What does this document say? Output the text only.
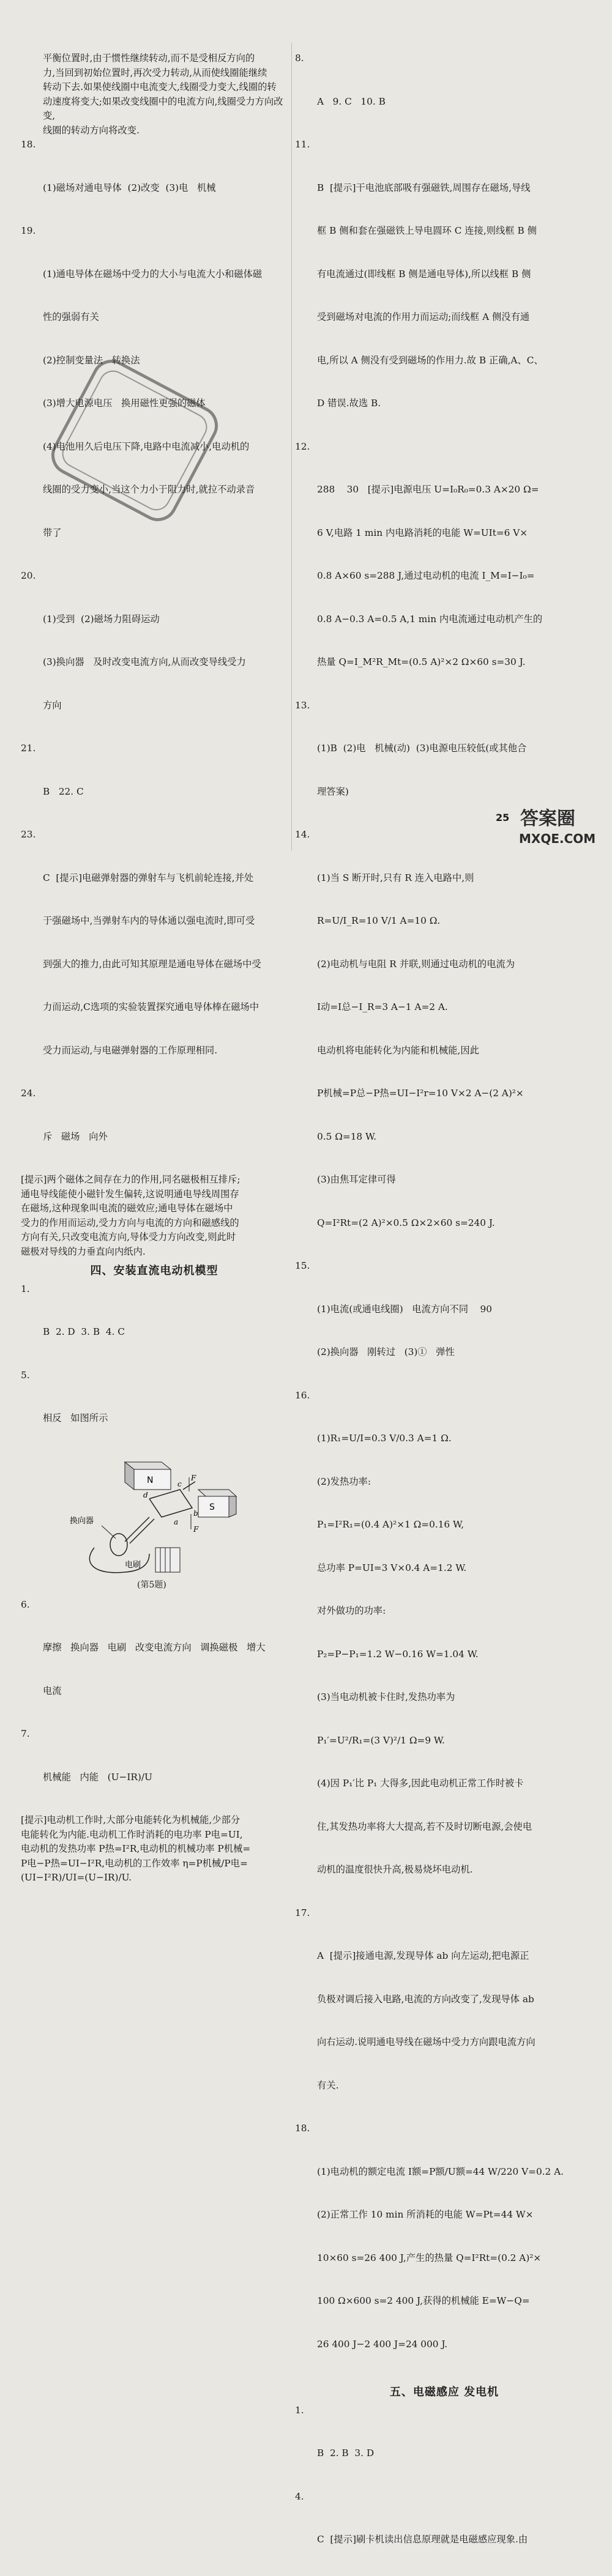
平衡位置时,由于惯性继续转动,而不是受相反方向的

力,当回到初始位置时,再次受力转动,从而使线圈能继续

转动下去.如果使线圈中电流变大,线圈受力变大,线圈的转

动速度将变大;如果改变线圈中的电流方向,线圈受力方向改变,

线圈的转动方向将改变.

18.

(1)磁场对通电导体  (2)改变  (3)电   机械

19.

(1)通电导体在磁场中受力的大小与电流大小和磁体磁

性的强弱有关

(2)控制变量法   转换法

(3)增大电源电压   换用磁性更强的磁体

(4)电池用久后电压下降,电路中电流减小,电动机的

线圈的受力变小,当这个力小于阻力时,就拉不动录音

带了

20.

(1)受到  (2)磁场力阻碍运动

(3)换向器   及时改变电流方向,从而改变导线受力

方向

21.

B   22. C

23.

C  [提示]电磁弹射器的弹射车与飞机前轮连接,并处

于强磁场中,当弹射车内的导体通以强电流时,即可受

到强大的推力,由此可知其原理是通电导体在磁场中受

力而运动,C选项的实验装置探究通电导体棒在磁场中

受力而运动,与电磁弹射器的工作原理相同.

24.

斥   磁场   向外

[提示]两个磁体之间存在力的作用,同名磁极相互排斥;

通电导线能使小磁针发生偏转,这说明通电导线周围存

在磁场,这种现象叫电流的磁效应;通电导体在磁场中

受力的作用而运动,受力方向与电流的方向和磁感线的

方向有关,只改变电流方向,导体受力方向改变,则此时

磁极对导线的力垂直向内纸内.

四、安装直流电动机模型

1.

B  2. D  3. B  4. C

5.

相反   如图所示

N
S
c
d
b
a
F
F
换向器
电刷
(第5题)

6.

摩擦   换向器   电刷   改变电流方向   调换磁极   增大

电流

7.

机械能   内能   (U−IR)/U

[提示]电动机工作时,大部分电能转化为机械能,少部分

电能转化为内能.电动机工作时消耗的电功率 P电=UI,

电动机的发热功率 P热=I²R,电动机的机械功率 P机械=

P电−P热=UI−I²R,电动机的工作效率 η=P机械/P电=

(UI−I²R)/UI=(U−IR)/U.

8.

A   9. C   10. B

11.

B  [提示]干电池底部吸有强磁铁,周围存在磁场,导线

框 B 侧和套在强磁铁上导电圆环 C 连接,则线框 B 侧

有电流通过(即线框 B 侧是通电导体),所以线框 B 侧

受到磁场对电流的作用力而运动;而线框 A 侧没有通

电,所以 A 侧没有受到磁场的作用力.故 B 正确,A、C、

D 错误.故选 B.

12.

288    30   [提示]电源电压 U=I₀R₀=0.3 A×20 Ω=

6 V,电路 1 min 内电路消耗的电能 W=UIt=6 V×

0.8 A×60 s=288 J,通过电动机的电流 I_M=I−I₀=

0.8 A−0.3 A=0.5 A,1 min 内电流通过电动机产生的

热量 Q=I_M²R_Mt=(0.5 A)²×2 Ω×60 s=30 J.

13.

(1)B  (2)电   机械(动)  (3)电源电压较低(或其他合

理答案)

14.

(1)当 S 断开时,只有 R 连入电路中,则

R=U/I_R=10 V/1 A=10 Ω.

(2)电动机与电阻 R 并联,则通过电动机的电流为

I动=I总−I_R=3 A−1 A=2 A.

电动机将电能转化为内能和机械能,因此

P机械=P总−P热=UI−I²r=10 V×2 A−(2 A)²×

0.5 Ω=18 W.

(3)由焦耳定律可得

Q=I²Rt=(2 A)²×0.5 Ω×2×60 s=240 J.

15.

(1)电流(或通电线圈)   电流方向不同    90

(2)换向器   刚转过   (3)①   弹性

16.

(1)R₁=U/I=0.3 V/0.3 A=1 Ω.

(2)发热功率:

P₁=I²R₁=(0.4 A)²×1 Ω=0.16 W,

总功率 P=UI=3 V×0.4 A=1.2 W.

对外做功的功率:

P₂=P−P₁=1.2 W−0.16 W=1.04 W.

(3)当电动机被卡住时,发热功率为

P₁′=U²/R₁=(3 V)²/1 Ω=9 W.

(4)因 P₁′比 P₁ 大得多,因此电动机正常工作时被卡

住,其发热功率将大大提高,若不及时切断电源,会使电

动机的温度很快升高,极易烧坏电动机.

17.

A  [提示]接通电源,发现导体 ab 向左运动,把电源正

负极对调后接入电路,电流的方向改变了,发现导体 ab

向右运动.说明通电导线在磁场中受力方向跟电流方向

有关.

18.

(1)电动机的额定电流 I额=P额/U额=44 W/220 V=0.2 A.

(2)正常工作 10 min 所消耗的电能 W=Pt=44 W×

10×60 s=26 400 J,产生的热量 Q=I²Rt=(0.2 A)²×

100 Ω×600 s=2 400 J,获得的机械能 E=W−Q=

26 400 J−2 400 J=24 000 J.

五、电磁感应 发电机

1.

B  2. B  3. D

4.

C  [提示]刷卡机读出信息原理就是电磁感应现象.由

25 答案圈
MXQE.COM
